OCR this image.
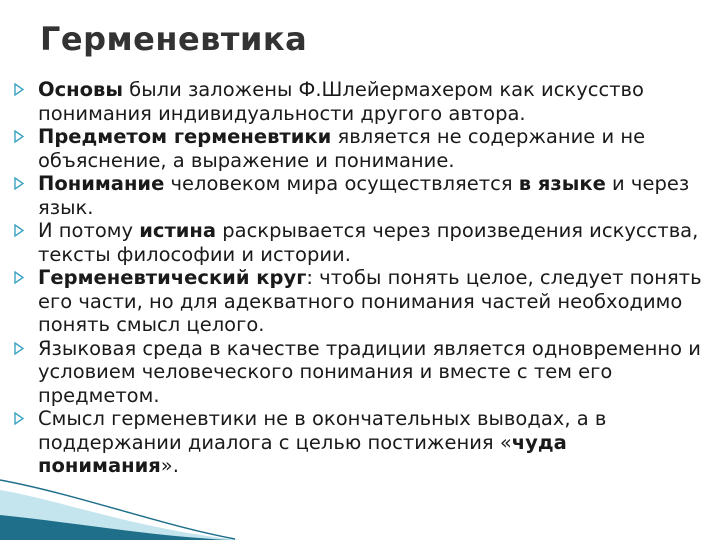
Герменевтика
Основы были заложены Ф.Шлейермахером как искусство понимания индивидуальности другого автора.
Предметом герменевтики является не содержание и не объяснение, а выражение и понимание.
Понимание человеком мира осуществляется в языке и через язык.
И потому истина раскрывается через произведения искусства, тексты философии и истории.
Герменевтический круг: чтобы понять целое, следует понять его части, но для адекватного понимания частей необходимо понять смысл целого.
Языковая среда в качестве традиции является одновременно и условием человеческого понимания и вместе с тем его предметом.
Смысл герменевтики не в окончательных выводах, а в поддержании диалога с целью постижения «чуда понимания».
